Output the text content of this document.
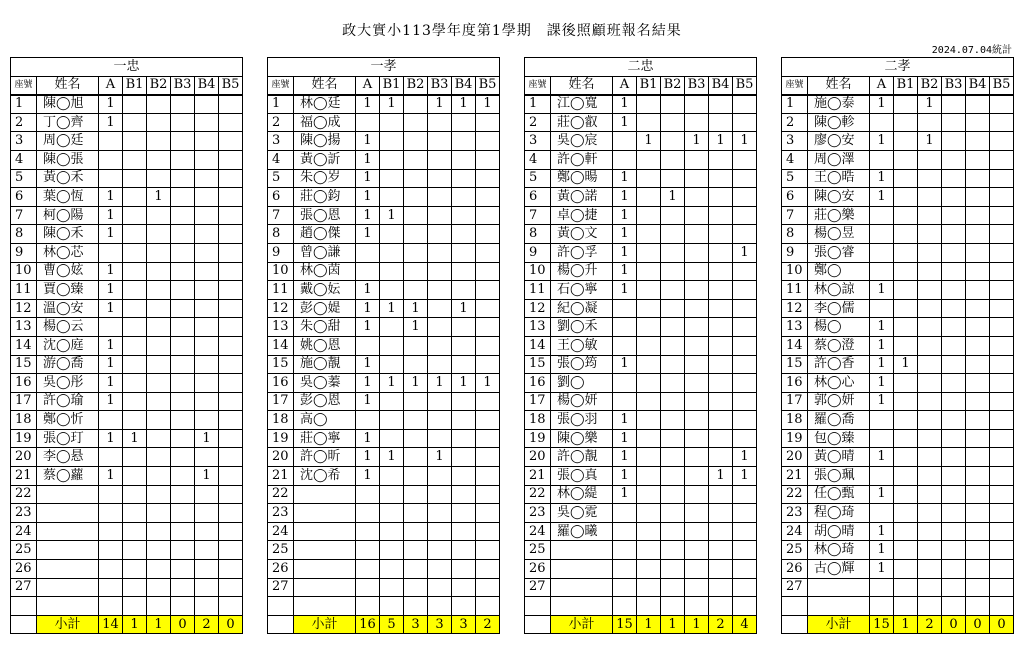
政大實小113學年度第1學期　課後照顧班報名結果
2024.07.04統計
一忠							
座號	姓名	A	B1	B2	B3	B4	B5
1	陳◯旭	1					
2	丁◯齊	1					
3	周◯廷						
4	陳◯張						
5	黃◯禾						
6	葉◯恆	1		1			
7	柯◯陽	1					
8	陳◯禾	1					
9	林◯芯						
10	曹◯妶	1					
11	賈◯臻	1					
12	溫◯安	1					
13	楊◯云						
14	沈◯庭	1					
15	游◯喬	1					
16	吳◯彤	1					
17	許◯瑜	1					
18	鄭◯忻						
19	張◯玎	1	1			1	
20	李◯悬						
21	蔡◯蘿	1				1	
22							
23							
24							
25							
26							
27							

	小計	14	1	1	0	2	0
一孝							
座號	姓名	A	B1	B2	B3	B4	B5
1	林◯廷	1	1		1	1	1
2	福◯成						
3	陳◯揚	1					
4	黃◯訢	1					
5	朱◯岁	1					
6	莊◯鈞	1					
7	張◯恩	1	1				
8	趙◯傑	1					
9	曾◯謙						
10	林◯茵						
11	戴◯妘	1					
12	彭◯媞	1	1	1		1	
13	朱◯甜	1		1			
14	姚◯恩						
15	施◯靚	1					
16	吳◯蓁	1	1	1	1	1	1
17	彭◯恩	1					
18	高◯						
19	莊◯寧	1					
20	許◯昕	1	1		1		
21	沈◯希	1					
22							
23							
24							
25							
26							
27							

	小計	16	5	3	3	3	2
二忠							
座號	姓名	A	B1	B2	B3	B4	B5
1	江◯寬	1					
2	莊◯叡	1					
3	吳◯宸		1		1	1	1
4	許◯軒						
5	鄭◯暘	1					
6	黃◯諾	1		1			
7	卓◯捷	1					
8	黃◯文	1					
9	許◯孚	1					1
10	楊◯升	1					
11	石◯寧	1					
12	紀◯凝						
13	劉◯禾						
14	王◯敏						
15	張◯筠	1					
16	劉◯						
17	楊◯妍						
18	張◯羽	1					
19	陳◯樂	1					
20	許◯靚	1					1
21	張◯真	1				1	1
22	林◯緹	1					
23	吳◯霓						
24	羅◯曦						
25							
26							
27							

	小計	15	1	1	1	2	4
二孝							
座號	姓名	A	B1	B2	B3	B4	B5
1	施◯泰	1		1			
2	陳◯軫						
3	廖◯安	1		1			
4	周◯澤						
5	王◯晧	1					
6	陳◯安	1					
7	莊◯樂						
8	楊◯昱						
9	張◯睿						
10	鄭◯						
11	林◯諒	1					
12	李◯儒						
13	楊◯	1					
14	蔡◯澄	1					
15	許◯香	1	1				
16	林◯心	1					
17	郭◯妍	1					
18	羅◯喬						
19	包◯臻						
20	黃◯晴	1					
21	張◯珮						
22	任◯甄	1					
23	程◯琦						
24	胡◯晴	1					
25	林◯琦	1					
26	古◯輝	1					
27							

	小計	15	1	2	0	0	0
